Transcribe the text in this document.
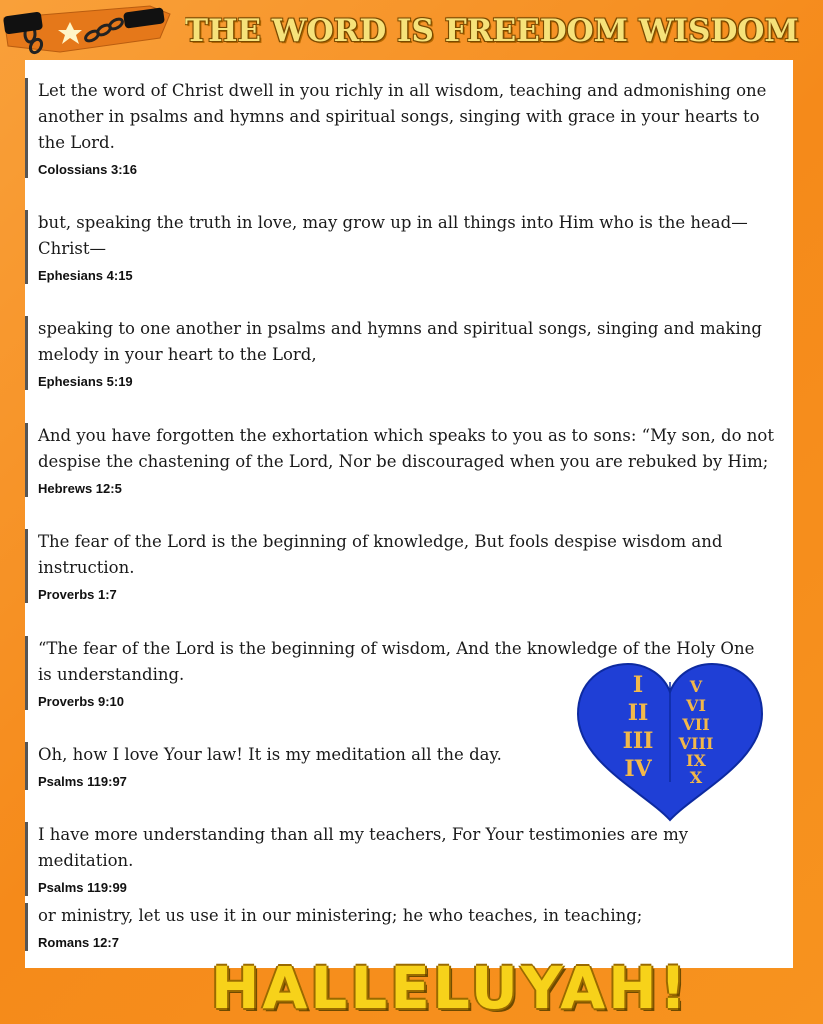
THE WORD IS FREEDOM WISDOM

Let the word of Christ dwell in you richly in all wisdom, teaching and admonishing one another in psalms and hymns and spiritual songs, singing with grace in your hearts to the Lord.

Colossians 3:16

but, speaking the truth in love, may grow up in all things into Him who is the head—Christ—

Ephesians 4:15

speaking to one another in psalms and hymns and spiritual songs, singing and making melody in your heart to the Lord,

Ephesians 5:19

And you have forgotten the exhortation which speaks to you as to sons: “My son, do not despise the chastening of the Lord, Nor be discouraged when you are rebuked by Him;

Hebrews 12:5

The fear of the Lord is the beginning of knowledge, But fools despise wisdom and instruction.

Proverbs 1:7

“The fear of the Lord is the beginning of wisdom, And the knowledge of the Holy One is understanding.

Proverbs 9:10

Oh, how I love Your law! It is my meditation all the day.

Psalms 119:97

I have more understanding than all my teachers, For Your testimonies are my meditation.

Psalms 119:99

or ministry, let us use it in our ministering; he who teaches, in teaching;

Romans 12:7
I
II
III
IV
V
VI
VII
VIII
IX
X
HALLELUYAH!
